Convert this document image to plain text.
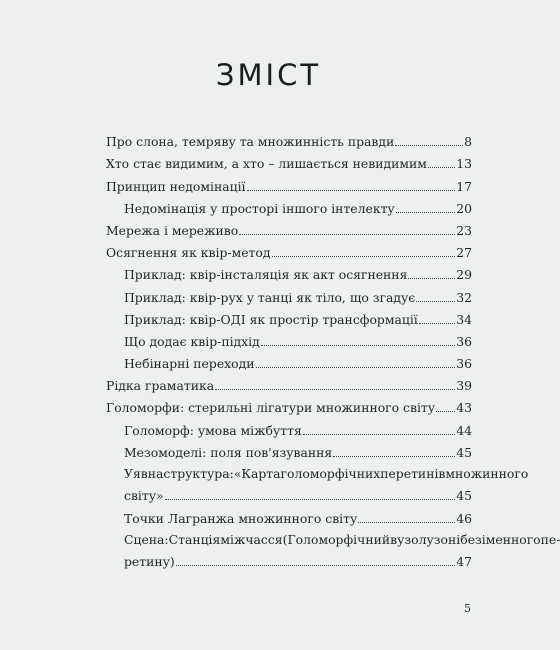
ЗМІСТ
Про слона, темряву та множинність правди	8
Хто стає видимим, а хто – лишається невидимим 13
Принцип недомінації	17
Недомінація у просторі іншого інтелекту	20
Мережа і мереживо	23
Осягнення як квір-метод	27
Приклад: квір-інсталяція як акт осягнення	29
Приклад: квір-рух у танці як тіло, що згадує	32
Приклад: квір-ОДІ як простір трансформації	34
Що додає квір-підхід	36
Небінарні переходи	36
Рідка граматика	39
Голоморфи: стерильні лігатури множинного світу 43
Голоморф: умова міжбуття	44
Мезомоделі: поля пов'язування	45
Уявна структура: «Карта голоморфічних перетинів множинного
світу»	45
Точки Лагранжа множинного світу	46
Сцена: Станція міжчасся (Голоморфічний вузол у зоні безіменного пе-
ретину)	47
5
